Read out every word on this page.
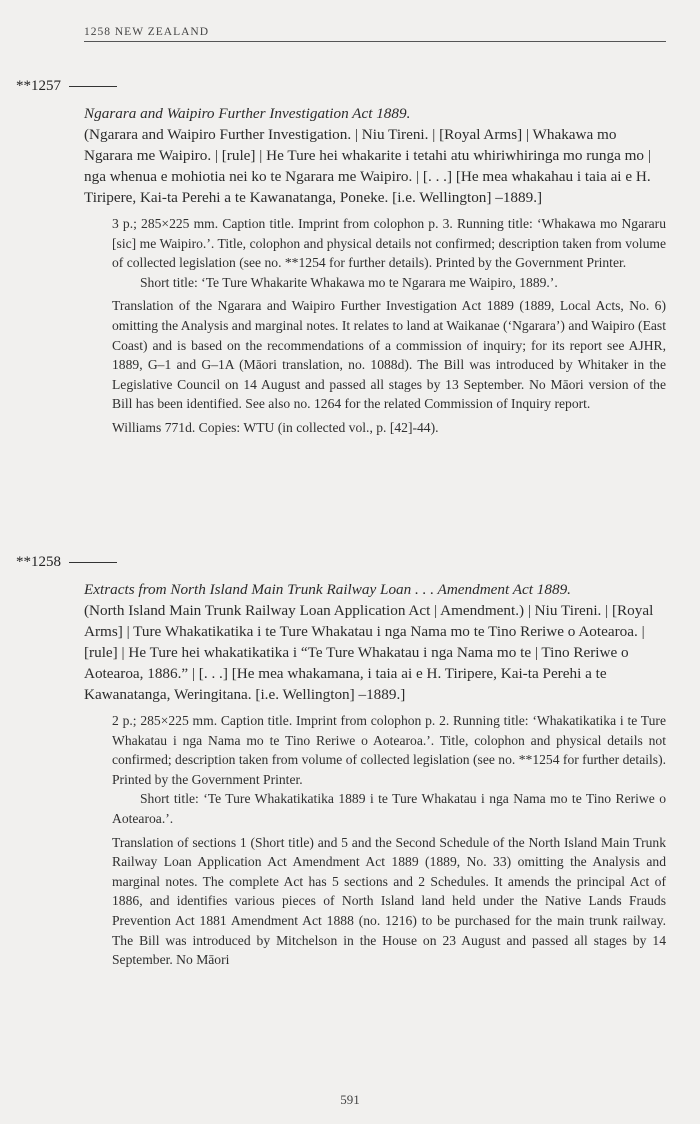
1258 NEW ZEALAND
**1257
Ngarara and Waipiro Further Investigation Act 1889.
(Ngarara and Waipiro Further Investigation. | Niu Tireni. | [Royal Arms] | Whakawa mo Ngarara me Waipiro. | [rule] | He Ture hei whakarite i tetahi atu whiriwhiringa mo runga mo | nga whenua e mohiotia nei ko te Ngarara me Waipiro. | [. . .] [He mea whakahau i taia ai e H. Tiripere, Kai-ta Perehi a te Kawanatanga, Poneke. [i.e. Wellington] –1889.]

3 p.; 285×225 mm. Caption title. Imprint from colophon p. 3. Running title: ‘Whakawa mo Ngararu [sic] me Waipiro.’. Title, colophon and physical details not confirmed; description taken from volume of collected legislation (see no. **1254 for further details). Printed by the Government Printer.

Short title: ‘Te Ture Whakarite Whakawa mo te Ngarara me Waipiro, 1889.’.

Translation of the Ngarara and Waipiro Further Investigation Act 1889 (1889, Local Acts, No. 6) omitting the Analysis and marginal notes. It relates to land at Waikanae (‘Ngarara’) and Waipiro (East Coast) and is based on the recommendations of a commission of inquiry; for its report see AJHR, 1889, G–1 and G–1A (Māori translation, no. 1088d). The Bill was introduced by Whitaker in the Legislative Council on 14 August and passed all stages by 13 September. No Māori version of the Bill has been identified. See also no. 1264 for the related Commission of Inquiry report.

Williams 771d. Copies: WTU (in collected vol., p. [42]-44).

**1258
Extracts from North Island Main Trunk Railway Loan . . . Amendment Act 1889.
(North Island Main Trunk Railway Loan Application Act | Amendment.) | Niu Tireni. | [Royal Arms] | Ture Whakatikatika i te Ture Whakatau i nga Nama mo te Tino Reriwe o Aotearoa. | [rule] | He Ture hei whakatikatika i “Te Ture Whakatau i nga Nama mo te | Tino Reriwe o Aotearoa, 1886.” | [. . .] [He mea whakamana, i taia ai e H. Tiripere, Kai-ta Perehi a te Kawanatanga, Weringitana. [i.e. Wellington] –1889.]

2 p.; 285×225 mm. Caption title. Imprint from colophon p. 2. Running title: ‘Whakatikatika i te Ture Whakatau i nga Nama mo te Tino Reriwe o Aotearoa.’. Title, colophon and physical details not confirmed; description taken from volume of collected legislation (see no. **1254 for further details). Printed by the Government Printer.

Short title: ‘Te Ture Whakatikatika 1889 i te Ture Whakatau i nga Nama mo te Tino Reriwe o Aotearoa.’.

Translation of sections 1 (Short title) and 5 and the Second Schedule of the North Island Main Trunk Railway Loan Application Act Amendment Act 1889 (1889, No. 33) omitting the Analysis and marginal notes. The complete Act has 5 sections and 2 Schedules. It amends the principal Act of 1886, and identifies various pieces of North Island land held under the Native Lands Frauds Prevention Act 1881 Amendment Act 1888 (no. 1216) to be purchased for the main trunk railway. The Bill was introduced by Mitchelson in the House on 23 August and passed all stages by 14 September. No Māori

591
